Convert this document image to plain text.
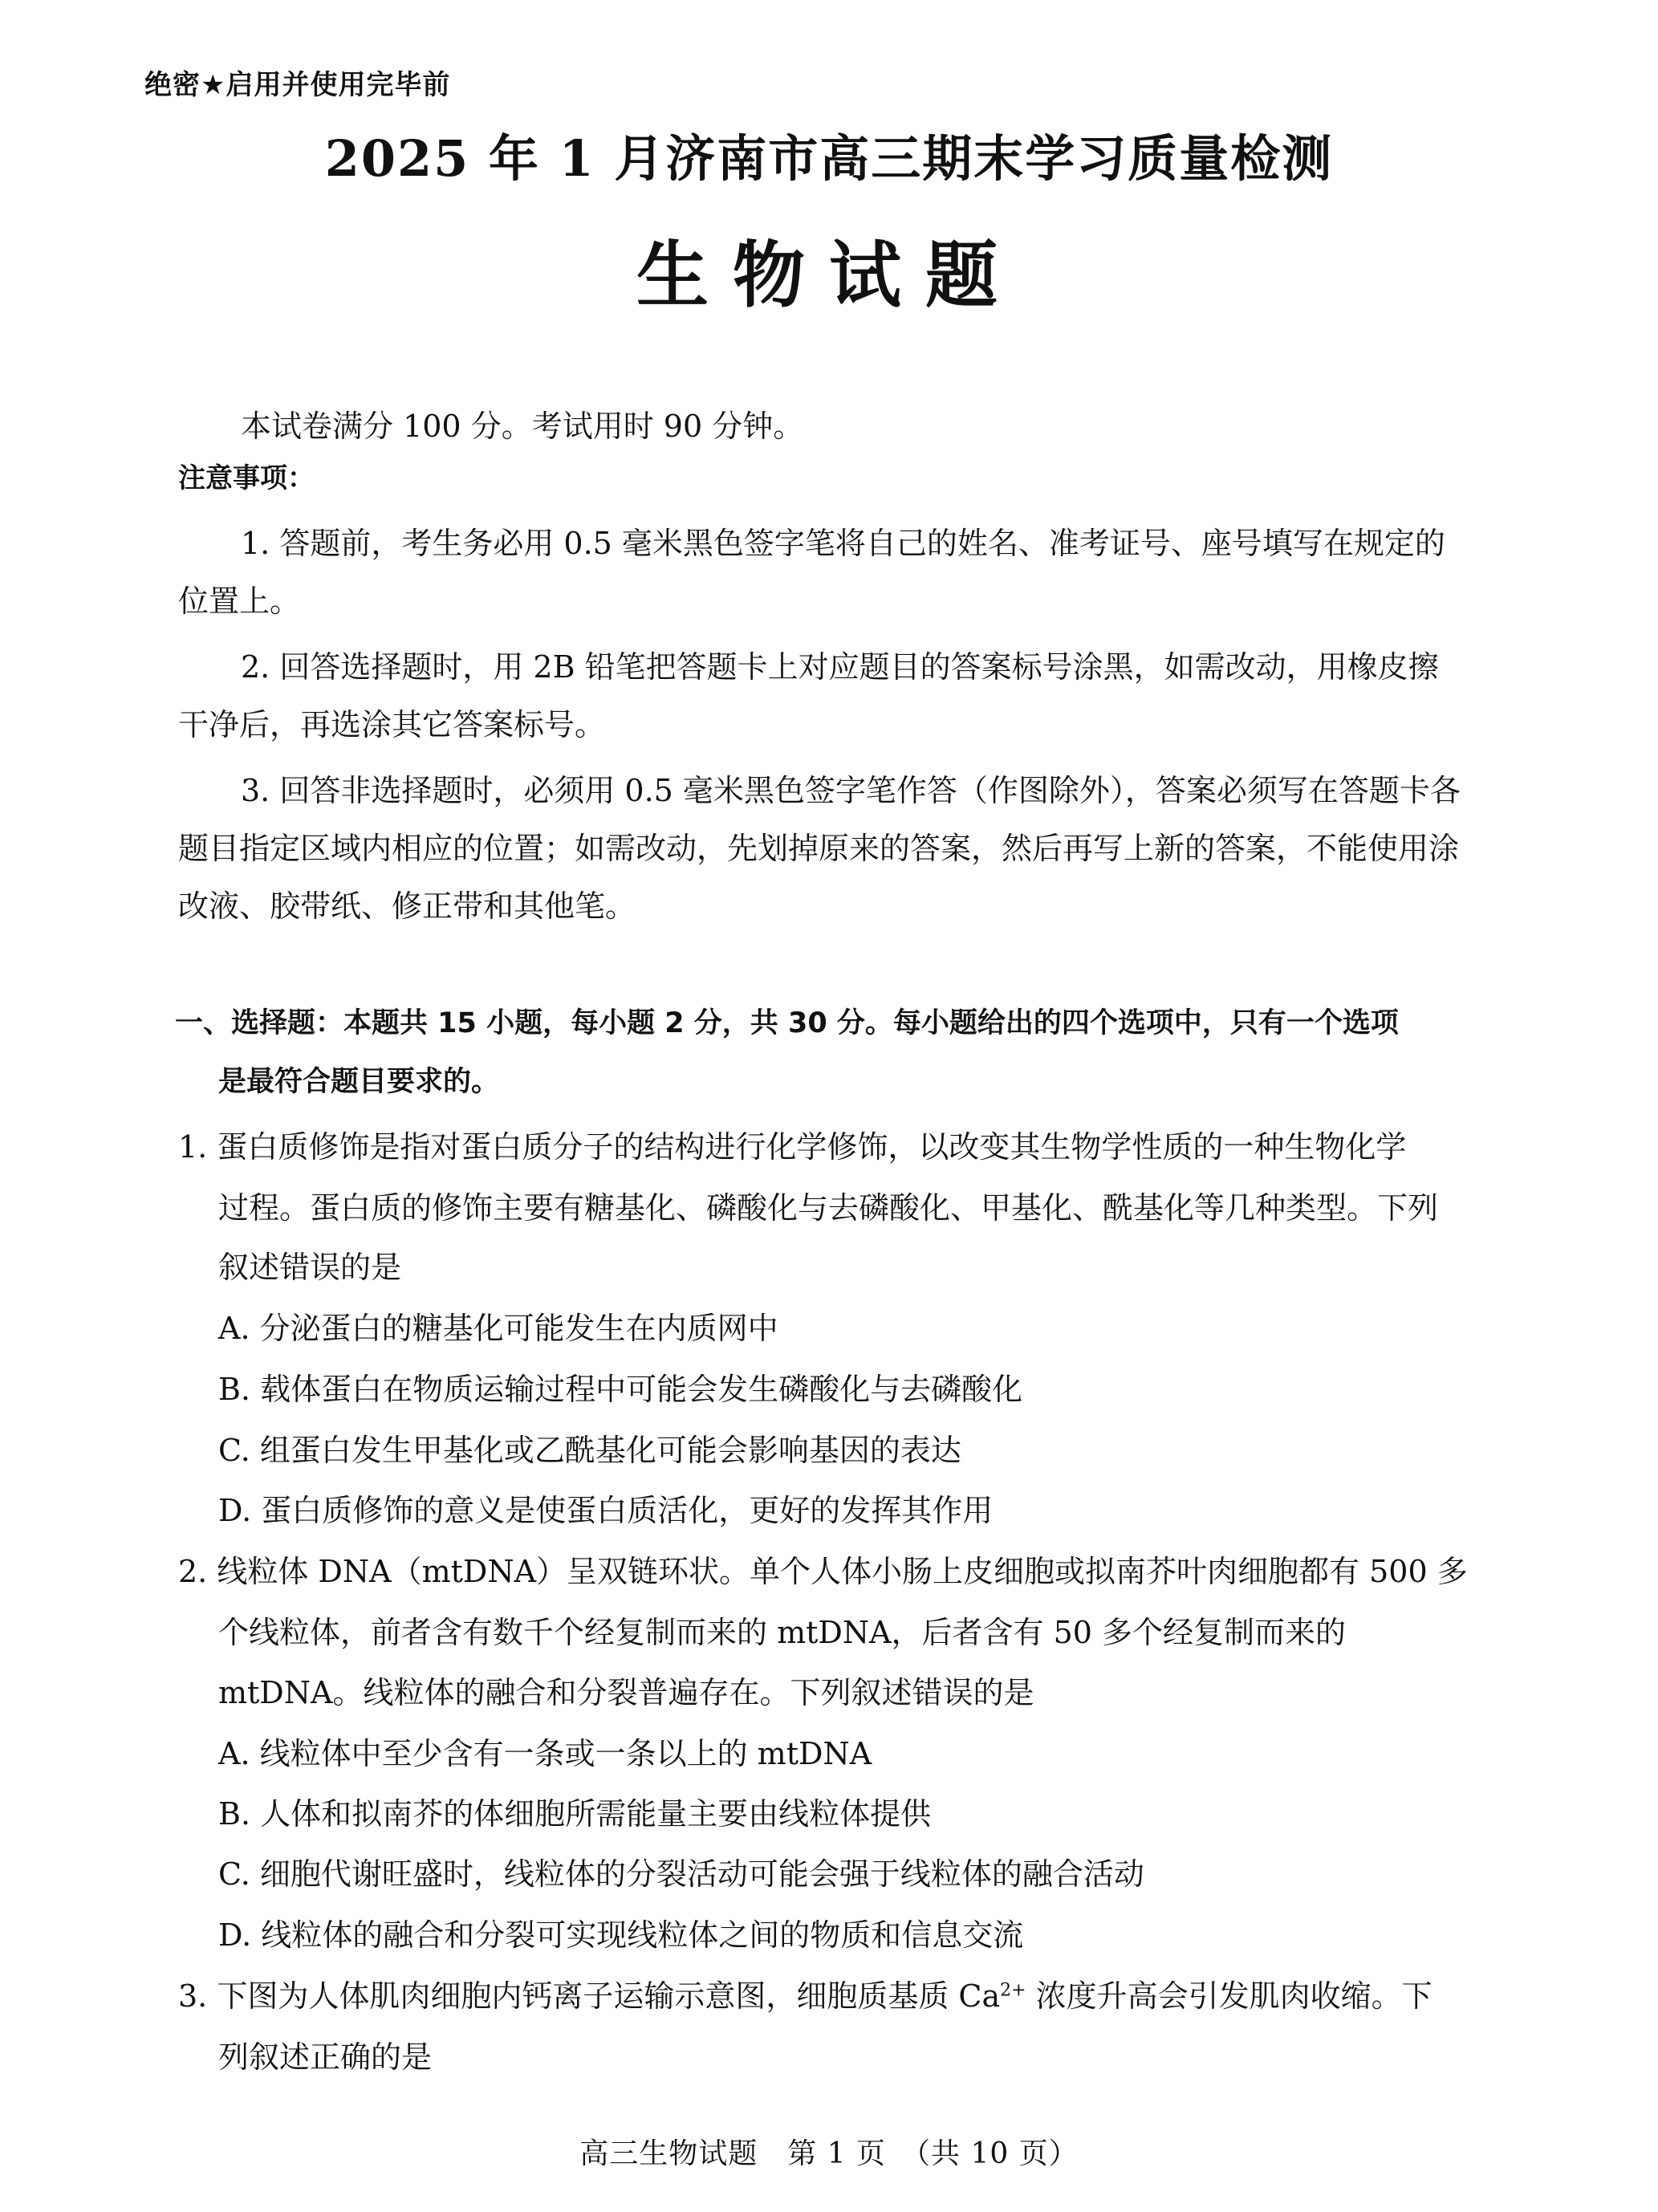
绝密★启用并使用完毕前
2025 年 1 月济南市高三期末学习质量检测
生物试题
本试卷满分 100 分。考试用时 90 分钟。
注意事项：
1. 答题前，考生务必用 0.5 毫米黑色签字笔将自己的姓名、准考证号、座号填写在规定的
位置上。
2. 回答选择题时，用 2B 铅笔把答题卡上对应题目的答案标号涂黑，如需改动，用橡皮擦
干净后，再选涂其它答案标号。
3. 回答非选择题时，必须用 0.5 毫米黑色签字笔作答（作图除外），答案必须写在答题卡各
题目指定区域内相应的位置；如需改动，先划掉原来的答案，然后再写上新的答案，不能使用涂
改液、胶带纸、修正带和其他笔。
一、选择题：本题共 15 小题，每小题 2 分，共 30 分。每小题给出的四个选项中，只有一个选项
是最符合题目要求的。
1. 蛋白质修饰是指对蛋白质分子的结构进行化学修饰，以改变其生物学性质的一种生物化学
过程。蛋白质的修饰主要有糖基化、磷酸化与去磷酸化、甲基化、酰基化等几种类型。下列
叙述错误的是
A. 分泌蛋白的糖基化可能发生在内质网中
B. 载体蛋白在物质运输过程中可能会发生磷酸化与去磷酸化
C. 组蛋白发生甲基化或乙酰基化可能会影响基因的表达
D. 蛋白质修饰的意义是使蛋白质活化，更好的发挥其作用
2. 线粒体 DNA（mtDNA）呈双链环状。单个人体小肠上皮细胞或拟南芥叶肉细胞都有 500 多
个线粒体，前者含有数千个经复制而来的 mtDNA，后者含有 50 多个经复制而来的
mtDNA。线粒体的融合和分裂普遍存在。下列叙述错误的是
A. 线粒体中至少含有一条或一条以上的 mtDNA
B. 人体和拟南芥的体细胞所需能量主要由线粒体提供
C. 细胞代谢旺盛时，线粒体的分裂活动可能会强于线粒体的融合活动
D. 线粒体的融合和分裂可实现线粒体之间的物质和信息交流
3. 下图为人体肌肉细胞内钙离子运输示意图，细胞质基质 $Ca^{2+}$ 浓度升高会引发肌肉收缩。下
列叙述正确的是
高三生物试题　第 1 页　（共 10 页）
